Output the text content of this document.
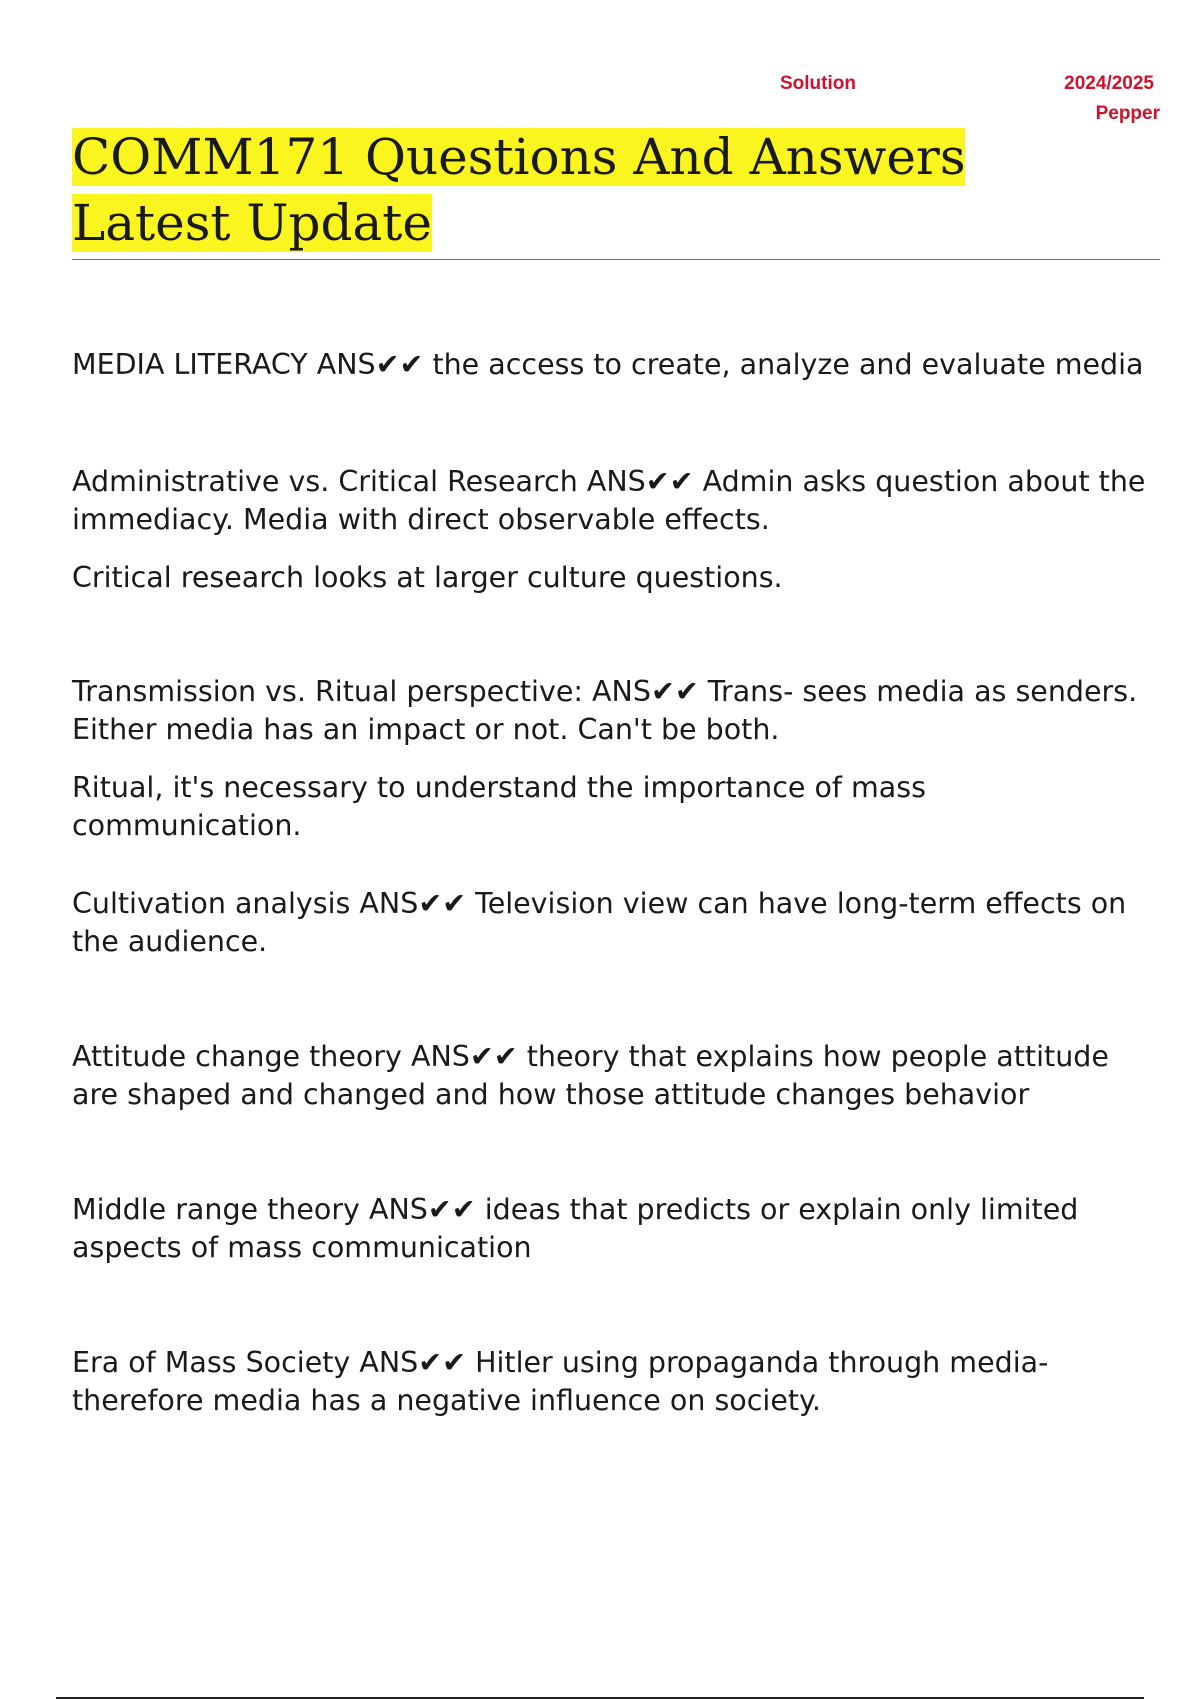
Solution	2024/2025
Pepper
COMM171 Questions And Answers Latest Update

MEDIA LITERACY ANS✔✔ the access to create, analyze and evaluate media

Administrative vs. Critical Research ANS✔✔ Admin asks question about the immediacy. Media with direct observable effects.

Critical research looks at larger culture questions.

Transmission vs. Ritual perspective: ANS✔✔ Trans- sees media as senders. Either media has an impact or not. Can't be both.

Ritual, it's necessary to understand the importance of mass communication.

Cultivation analysis ANS✔✔ Television view can have long-term effects on the audience.

Attitude change theory ANS✔✔ theory that explains how people attitude are shaped and changed and how those attitude changes behavior

Middle range theory ANS✔✔ ideas that predicts or explain only limited aspects of mass communication

Era of Mass Society ANS✔✔ Hitler using propaganda through media- therefore media has a negative influence on society.
